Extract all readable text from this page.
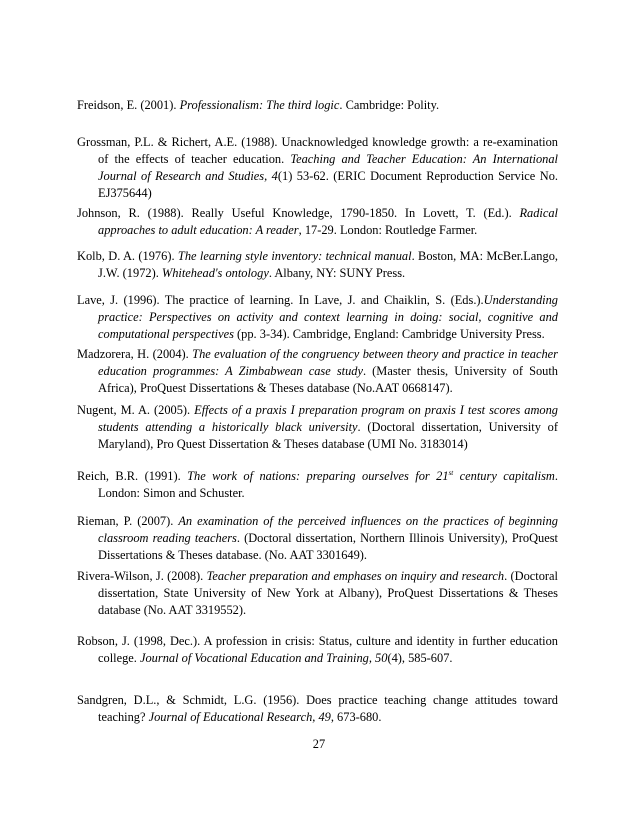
Freidson, E. (2001). Professionalism: The third logic. Cambridge: Polity.

Grossman, P.L. & Richert, A.E. (1988). Unacknowledged knowledge growth: a re-examination of the effects of teacher education. Teaching and Teacher Education: An International Journal of Research and Studies, 4(1) 53-62. (ERIC Document Reproduction Service No. EJ375644)

Johnson, R. (1988). Really Useful Knowledge, 1790-1850. In Lovett, T. (Ed.). Radical approaches to adult education: A reader, 17-29. London: Routledge Farmer.

Kolb, D. A. (1976). The learning style inventory: technical manual. Boston, MA: McBer.Lango, J.W. (1972). Whitehead's ontology. Albany, NY: SUNY Press.

Lave, J. (1996). The practice of learning. In Lave, J. and Chaiklin, S. (Eds.).Understanding practice: Perspectives on activity and context learning in doing: social, cognitive and computational perspectives (pp. 3-34). Cambridge, England: Cambridge University Press.

Madzorera, H. (2004). The evaluation of the congruency between theory and practice in teacher education programmes: A Zimbabwean case study. (Master thesis, University of South Africa), ProQuest Dissertations & Theses database (No.AAT 0668147).

Nugent, M. A. (2005). Effects of a praxis I preparation program on praxis I test scores among students attending a historically black university. (Doctoral dissertation, University of Maryland), Pro Quest Dissertation & Theses database (UMI No. 3183014)

Reich, B.R. (1991). The work of nations: preparing ourselves for 21st century capitalism. London: Simon and Schuster.

Rieman, P. (2007). An examination of the perceived influences on the practices of beginning classroom reading teachers. (Doctoral dissertation, Northern Illinois University), ProQuest Dissertations & Theses database. (No. AAT 3301649).

Rivera-Wilson, J. (2008). Teacher preparation and emphases on inquiry and research. (Doctoral dissertation, State University of New York at Albany), ProQuest Dissertations & Theses database (No. AAT 3319552).

Robson, J. (1998, Dec.). A profession in crisis: Status, culture and identity in further education college. Journal of Vocational Education and Training, 50(4), 585-607.

Sandgren, D.L., & Schmidt, L.G. (1956). Does practice teaching change attitudes toward teaching? Journal of Educational Research, 49, 673-680.

27
